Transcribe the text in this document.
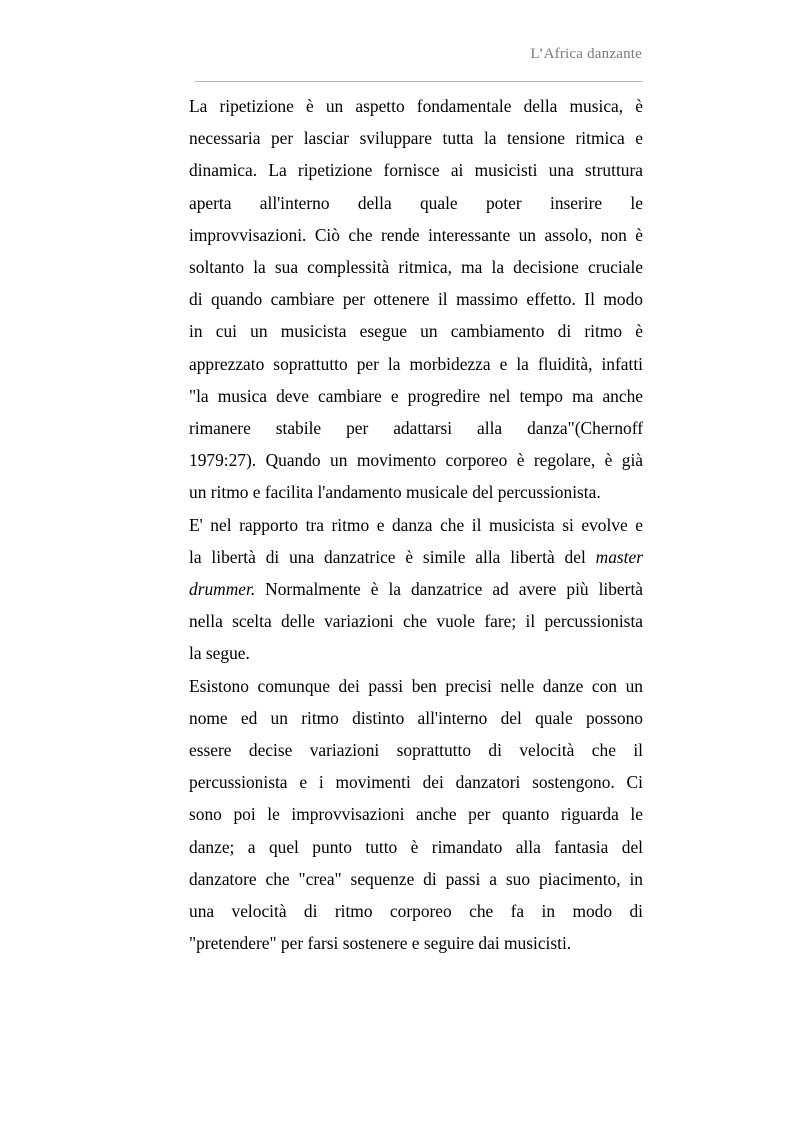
L’Africa danzante

La ripetizione è un aspetto fondamentale della musica, è
necessaria per lasciar sviluppare tutta la tensione ritmica e
dinamica. La ripetizione fornisce ai musicisti una struttura
aperta all'interno della quale poter inserire le
improvvisazioni. Ciò che rende interessante un assolo, non è
soltanto la sua complessità ritmica, ma la decisione cruciale
di quando cambiare per ottenere il massimo effetto. Il modo
in cui un musicista esegue un cambiamento di ritmo è
apprezzato soprattutto per la morbidezza e la fluidità, infatti
"la musica deve cambiare e progredire nel tempo ma anche
rimanere stabile per adattarsi alla danza"(Chernoff
1979:27). Quando un movimento corporeo è regolare, è già
un ritmo e facilita l'andamento musicale del percussionista.

E' nel rapporto tra ritmo e danza che il musicista si evolve e
la libertà di una danzatrice è simile alla libertà del master
drummer. Normalmente è la danzatrice ad avere più libertà
nella scelta delle variazioni che vuole fare; il percussionista
la segue.

Esistono comunque dei passi ben precisi nelle danze con un
nome ed un ritmo distinto all'interno del quale possono
essere decise variazioni soprattutto di velocità che il
percussionista e i movimenti dei danzatori sostengono. Ci
sono poi le improvvisazioni anche per quanto riguarda le
danze; a quel punto tutto è rimandato alla fantasia del
danzatore che "crea" sequenze di passi a suo piacimento, in
una velocità di ritmo corporeo che fa in modo di
"pretendere" per farsi sostenere e seguire dai musicisti.
